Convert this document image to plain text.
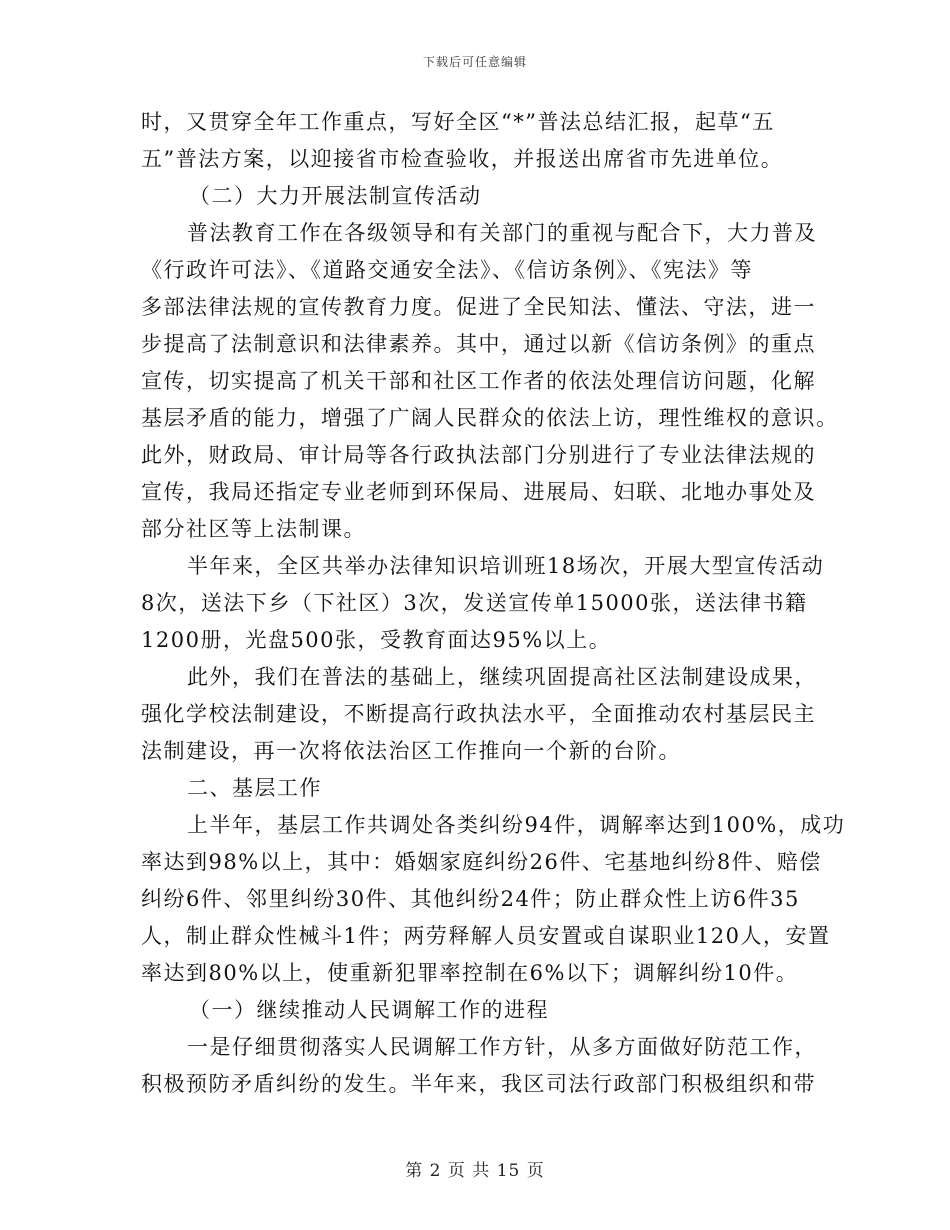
下载后可任意编辑
时，又贯穿全年工作重点，写好全区“*”普法总结汇报，起草“五
五”普法方案，以迎接省市检查验收，并报送出席省市先进单位。
（二）大力开展法制宣传活动
普法教育工作在各级领导和有关部门的重视与配合下，大力普及
《行政许可法》、《道路交通安全法》、《信访条例》、《宪法》等
多部法律法规的宣传教育力度。促进了全民知法、懂法、守法，进一
步提高了法制意识和法律素养。其中，通过以新《信访条例》的重点
宣传，切实提高了机关干部和社区工作者的依法处理信访问题，化解
基层矛盾的能力，增强了广阔人民群众的依法上访，理性维权的意识。
此外，财政局、审计局等各行政执法部门分别进行了专业法律法规的
宣传，我局还指定专业老师到环保局、进展局、妇联、北地办事处及
部分社区等上法制课。
半年来，全区共举办法律知识培训班18场次，开展大型宣传活动
8次，送法下乡（下社区）3次，发送宣传单15000张，送法律书籍
1200册，光盘500张，受教育面达95%以上。
此外，我们在普法的基础上，继续巩固提高社区法制建设成果，
强化学校法制建设，不断提高行政执法水平，全面推动农村基层民主
法制建设，再一次将依法治区工作推向一个新的台阶。
二、基层工作
上半年，基层工作共调处各类纠纷94件，调解率达到100%，成功
率达到98%以上，其中：婚姻家庭纠纷26件、宅基地纠纷8件、赔偿
纠纷6件、邻里纠纷30件、其他纠纷24件；防止群众性上访6件35
人，制止群众性械斗1件；两劳释解人员安置或自谋职业120人，安置
率达到80%以上，使重新犯罪率控制在6%以下；调解纠纷10件。
（一）继续推动人民调解工作的进程
一是仔细贯彻落实人民调解工作方针，从多方面做好防范工作，
积极预防矛盾纠纷的发生。半年来，我区司法行政部门积极组织和带
第 2 页 共 15 页
